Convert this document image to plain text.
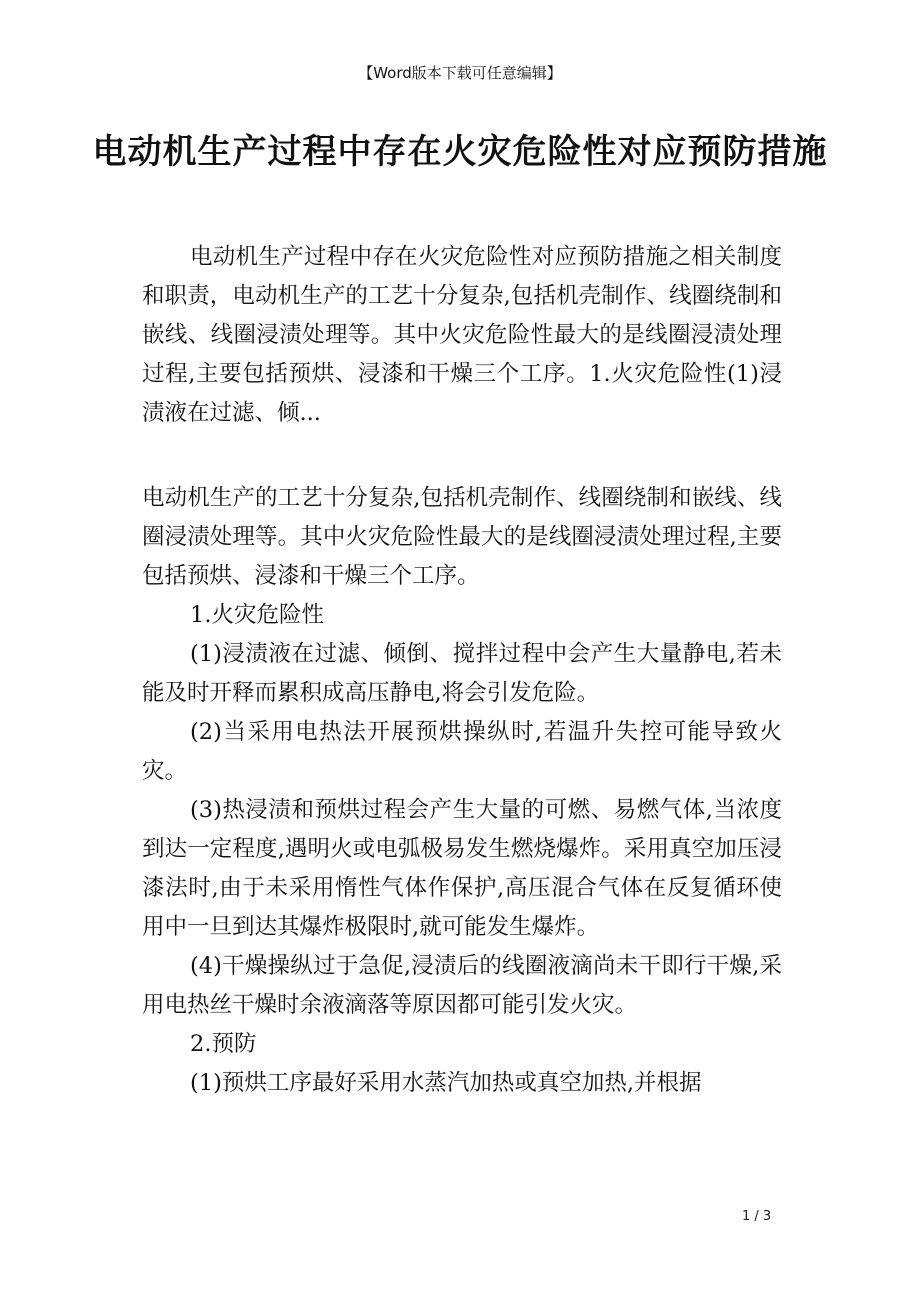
【Word版本下载可任意编辑】
电动机生产过程中存在火灾危险性对应预防措施

电动机生产过程中存在火灾危险性对应预防措施之相关制度和职责，电动机生产的工艺十分复杂,包括机壳制作、线圈绕制和嵌线、线圈浸渍处理等。其中火灾危险性最大的是线圈浸渍处理过程,主要包括预烘、浸漆和干燥三个工序。1.火灾危险性(1)浸渍液在过滤、倾...

电动机生产的工艺十分复杂,包括机壳制作、线圈绕制和嵌线、线圈浸渍处理等。其中火灾危险性最大的是线圈浸渍处理过程,主要包括预烘、浸漆和干燥三个工序。

1.火灾危险性

(1)浸渍液在过滤、倾倒、搅拌过程中会产生大量静电,若未能及时开释而累积成高压静电,将会引发危险。

(2)当采用电热法开展预烘操纵时,若温升失控可能导致火灾。

(3)热浸渍和预烘过程会产生大量的可燃、易燃气体,当浓度到达一定程度,遇明火或电弧极易发生燃烧爆炸。采用真空加压浸漆法时,由于未采用惰性气体作保护,高压混合气体在反复循环使用中一旦到达其爆炸极限时,就可能发生爆炸。

(4)干燥操纵过于急促,浸渍后的线圈液滴尚未干即行干燥,采用电热丝干燥时余液滴落等原因都可能引发火灾。

2.预防

(1)预烘工序最好采用水蒸汽加热或真空加热,并根据

1 / 3
